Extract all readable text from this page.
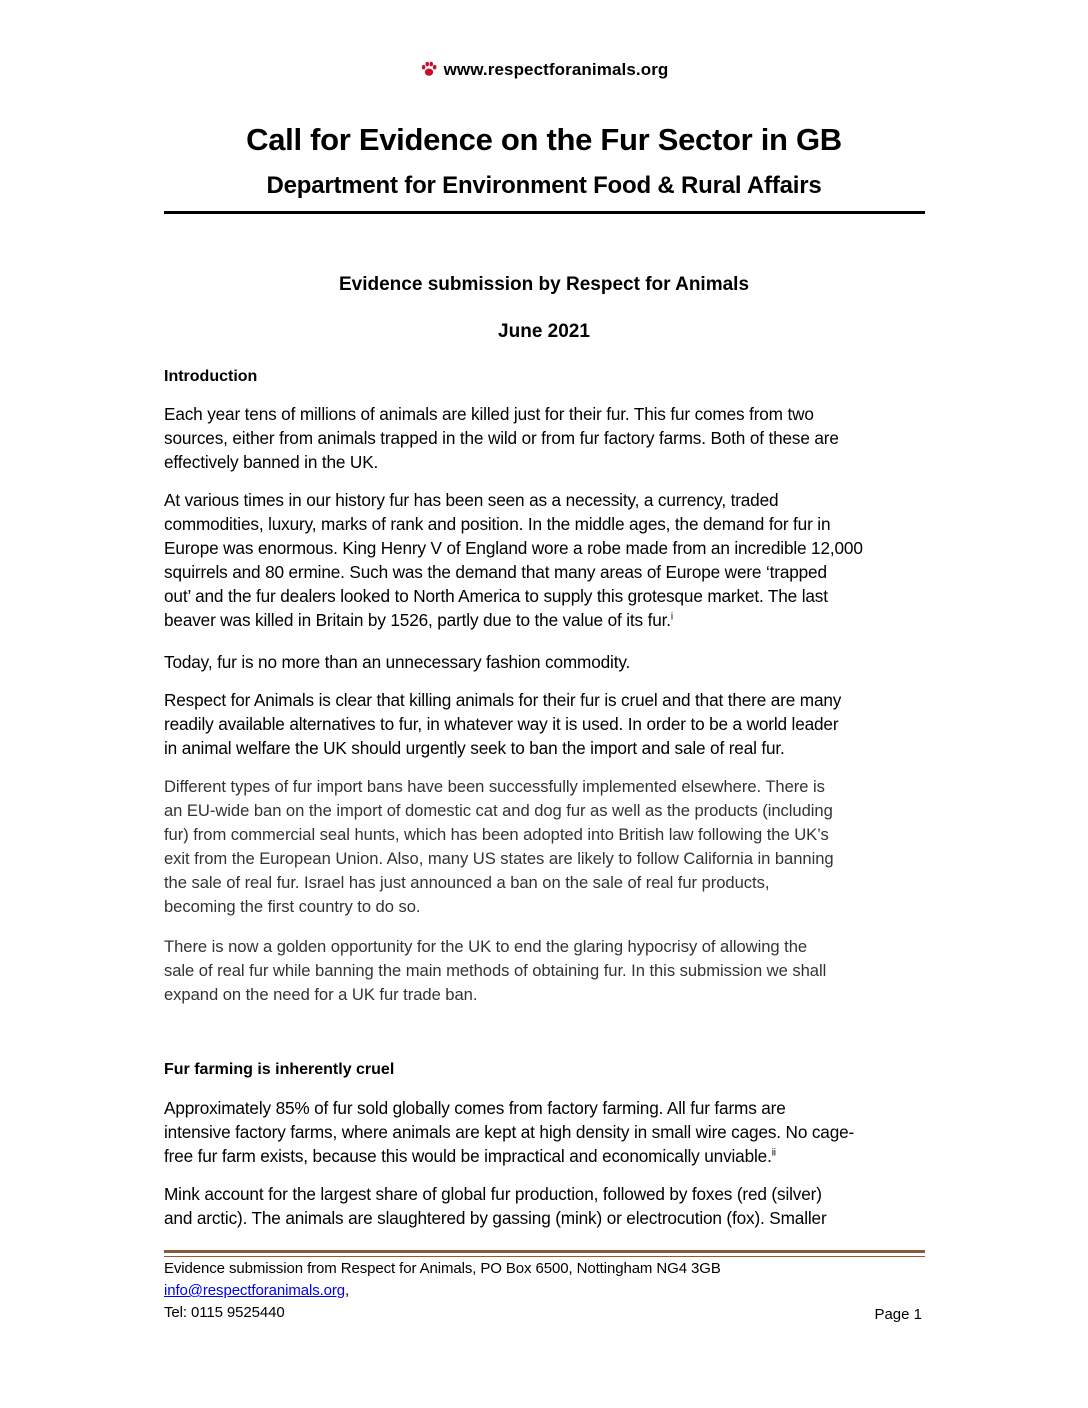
www.respectforanimals.org
Call for Evidence on the Fur Sector in GB
Department for Environment Food & Rural Affairs
Evidence submission by Respect for Animals
June 2021
Introduction

Each year tens of millions of animals are killed just for their fur. This fur comes from two
sources, either from animals trapped in the wild or from fur factory farms. Both of these are
effectively banned in the UK.

At various times in our history fur has been seen as a necessity, a currency, traded
commodities, luxury, marks of rank and position. In the middle ages, the demand for fur in
Europe was enormous. King Henry V of England wore a robe made from an incredible 12,000
squirrels and 80 ermine. Such was the demand that many areas of Europe were ‘trapped
out’ and the fur dealers looked to North America to supply this grotesque market. The last
beaver was killed in Britain by 1526, partly due to the value of its fur.$^i$

Today, fur is no more than an unnecessary fashion commodity.

Respect for Animals is clear that killing animals for their fur is cruel and that there are many
readily available alternatives to fur, in whatever way it is used. In order to be a world leader
in animal welfare the UK should urgently seek to ban the import and sale of real fur.

Different types of fur import bans have been successfully implemented elsewhere. There is
an EU-wide ban on the import of domestic cat and dog fur as well as the products (including
fur) from commercial seal hunts, which has been adopted into British law following the UK’s
exit from the European Union. Also, many US states are likely to follow California in banning
the sale of real fur. Israel has just announced a ban on the sale of real fur products,
becoming the first country to do so.

There is now a golden opportunity for the UK to end the glaring hypocrisy of allowing the
sale of real fur while banning the main methods of obtaining fur. In this submission we shall
expand on the need for a UK fur trade ban.

Fur farming is inherently cruel

Approximately 85% of fur sold globally comes from factory farming. All fur farms are
intensive factory farms, where animals are kept at high density in small wire cages. No cage-
free fur farm exists, because this would be impractical and economically unviable.$^{ii}$

Mink account for the largest share of global fur production, followed by foxes (red (silver)
and arctic). The animals are slaughtered by gassing (mink) or electrocution (fox). Smaller

Evidence submission from Respect for Animals, PO Box 6500, Nottingham NG4 3GB
info@respectforanimals.org,
Tel: 0115 9525440	Page 1
